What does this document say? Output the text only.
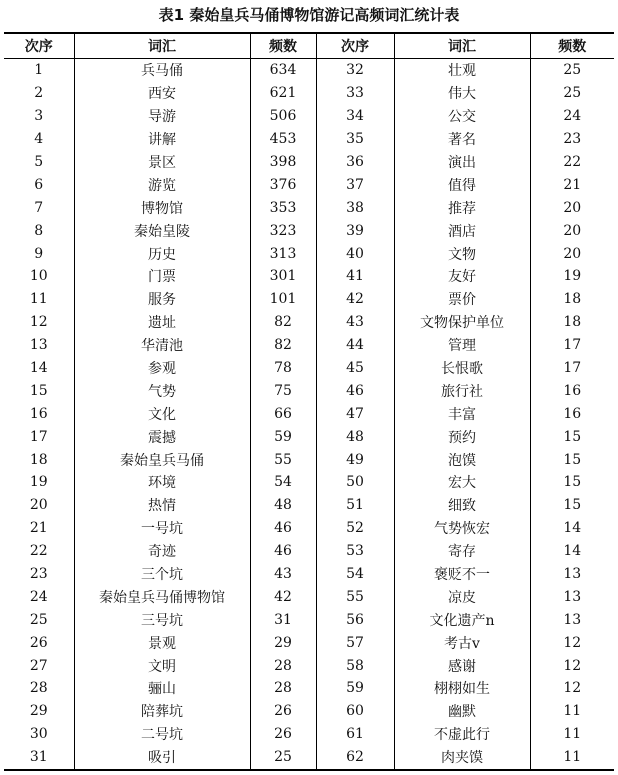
表1 秦始皇兵马俑博物馆游记高频词汇统计表
次序	词汇	频数	次序	词汇	频数
1	兵马俑	634	32	壮观	25
2	西安	621	33	伟大	25
3	导游	506	34	公交	24
4	讲解	453	35	著名	23
5	景区	398	36	演出	22
6	游览	376	37	值得	21
7	博物馆	353	38	推荐	20
8	秦始皇陵	323	39	酒店	20
9	历史	313	40	文物	20
10	门票	301	41	友好	19
11	服务	101	42	票价	18
12	遗址	82	43	文物保护单位	18
13	华清池	82	44	管理	17
14	参观	78	45	长恨歌	17
15	气势	75	46	旅行社	16
16	文化	66	47	丰富	16
17	震撼	59	48	预约	15
18	秦始皇兵马俑	55	49	泡馍	15
19	环境	54	50	宏大	15
20	热情	48	51	细致	15
21	一号坑	46	52	气势恢宏	14
22	奇迹	46	53	寄存	14
23	三个坑	43	54	褒贬不一	13
24	秦始皇兵马俑博物馆	42	55	凉皮	13
25	三号坑	31	56	文化遗产n	13
26	景观	29	57	考古v	12
27	文明	28	58	感谢	12
28	骊山	28	59	栩栩如生	12
29	陪葬坑	26	60	幽默	11
30	二号坑	26	61	不虚此行	11
31	吸引	25	62	肉夹馍	11
